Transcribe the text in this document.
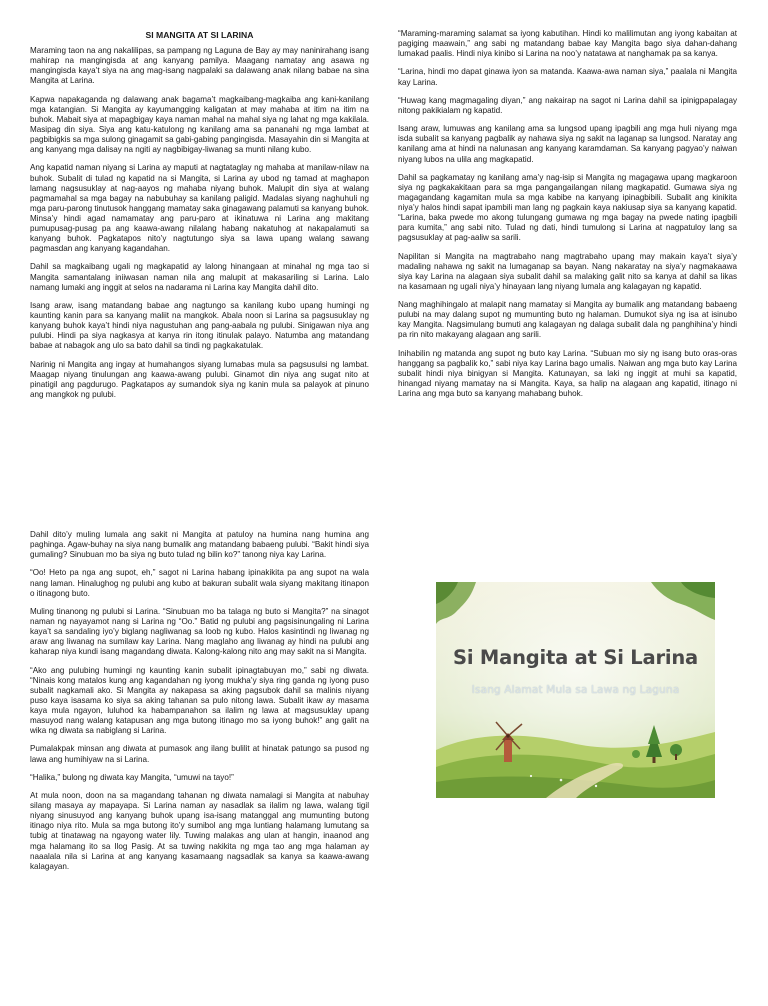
SI MANGITA AT SI LARINA

Maraming taon na ang nakalilipas, sa pampang ng Laguna de Bay ay may naninirahang isang mahirap na mangingisda at ang kanyang pamilya. Maagang namatay ang asawa ng mangingisda kaya’t siya na ang mag-isang nagpalaki sa dalawang anak nilang babae na sina Mangita at Larina.

Kapwa napakaganda ng dalawang anak bagama’t magkaibang-magkaiba ang kani-kanilang mga katangian. Si Mangita ay kayumangging kaligatan at may mahaba at itim na itim na buhok. Mabait siya at mapagbigay kaya naman mahal na mahal siya ng lahat ng mga kakilala. Masipag din siya. Siya ang katu-katulong ng kanilang ama sa pananahi ng mga lambat at pagbibigkis sa mga sulong ginagamit sa gabi-gabing pangingisda. Masayahin din si Mangita at ang kanyang mga dalisay na ngiti ay nagbibigay-liwanag sa munti nilang kubo.

Ang kapatid naman niyang si Larina ay maputi at nagtataglay ng mahaba at manilaw-nilaw na buhok. Subalit di tulad ng kapatid na si Mangita, si Larina ay ubod ng tamad at maghapon lamang nagsusuklay at nag-aayos ng mahaba niyang buhok. Malupit din siya at walang pagmamahal sa mga bagay na nabubuhay sa kanilang paligid. Madalas siyang naghuhuli ng mga paru-parong tinutusok hanggang mamatay saka ginagawang palamuti sa kanyang buhok. Minsa’y hindi agad namamatay ang paru-paro at ikinatuwa ni Larina ang makitang pumupusag-pusag pa ang kaawa-awang nilalang habang nakatuhog at nakapalamuti sa kanyang buhok. Pagkatapos nito’y nagtutungo siya sa lawa upang walang sawang pagmasdan ang kanyang kagandahan.

Dahil sa magkaibang ugali ng magkapatid ay lalong hinangaan at minahal ng mga tao si Mangita samantalang iniiwasan naman nila ang malupit at makasariling si Larina. Lalo namang lumaki ang inggit at selos na nadarama ni Larina kay Mangita dahil dito.

Isang araw, isang matandang babae ang nagtungo sa kanilang kubo upang humingi ng kaunting kanin para sa kanyang maliit na mangkok. Abala noon si Larina sa pagsusuklay ng kanyang buhok kaya’t hindi niya nagustuhan ang pang-aabala ng pulubi. Sinigawan niya ang pulubi. Hindi pa siya nagkasya at kanya rin itong itinulak palayo. Natumba ang matandang babae at nabagok ang ulo sa bato dahil sa tindi ng pagkakatulak.

Narinig ni Mangita ang ingay at humahangos siyang lumabas mula sa pagsusulsi ng lambat. Maagap niyang tinulungan ang kaawa-awang pulubi. Ginamot din niya ang sugat nito at pinatigil ang pagdurugo. Pagkatapos ay sumandok siya ng kanin mula sa palayok at pinuno ang mangkok ng pulubi.

“Maraming-maraming salamat sa iyong kabutihan. Hindi ko malilimutan ang iyong kabaitan at pagiging maawain,” ang sabi ng matandang babae kay Mangita bago siya dahan-dahang lumakad paalis. Hindi niya kinibo si Larina na noo’y natatawa at nanghamak pa sa kanya.

“Larina, hindi mo dapat ginawa iyon sa matanda. Kaawa-awa naman siya,” paalala ni Mangita kay Larina.

“Huwag kang magmagaling diyan,” ang nakairap na sagot ni Larina dahil sa ipinigpapalagay nitong pakikialam ng kapatid.

Isang araw, lumuwas ang kanilang ama sa lungsod upang ipagbili ang mga huli niyang mga isda subalit sa kanyang pagbalik ay nahawa siya ng sakit na laganap sa lungsod. Naratay ang kanilang ama at hindi na nalunasan ang kanyang karamdaman. Sa kanyang pagyao’y naiwan niyang lubos na ulila ang magkapatid.

Dahil sa pagkamatay ng kanilang ama’y nag-isip si Mangita ng magagawa upang magkaroon siya ng pagkakakitaan para sa mga pangangailangan nilang magkapatid. Gumawa siya ng magagandang kagamitan mula sa mga kabibe na kanyang ipinagbibili. Subalit ang kinikita niya’y halos hindi sapat ipambili man lang ng pagkain kaya nakiusap siya sa kanyang kapatid. “Larina, baka pwede mo akong tulungang gumawa ng mga bagay na pwede nating ipagbili para kumita,” ang sabi nito. Tulad ng dati, hindi tumulong si Larina at nagpatuloy lang sa pagsusuklay at pag-aaliw sa sarili.

Napilitan si Mangita na magtrabaho nang magtrabaho upang may makain kaya’t siya’y madaling nahawa ng sakit na lumaganap sa bayan. Nang nakaratay na siya’y nagmakaawa siya kay Larina na alagaan siya subalit dahil sa malaking galit nito sa kanya at dahil sa likas na kasamaan ng ugali niya’y hinayaan lang niyang lumala ang kalagayan ng kapatid.

Nang maghihingalo at malapit nang mamatay si Mangita ay bumalik ang matandang babaeng pulubi na may dalang supot ng mumunting buto ng halaman. Dumukot siya ng isa at isinubo kay Mangita. Nagsimulang bumuti ang kalagayan ng dalaga subalit dala ng panghihina’y hindi pa rin nito makayang alagaan ang sarili.

Inihabilin ng matanda ang supot ng buto kay Larina. “Subuan mo siy ng isang buto oras-oras hanggang sa pagbalik ko,” sabi niya kay Larina bago umalis. Naiwan ang mga buto kay Larina subalit hindi niya binigyan si Mangita. Katunayan, sa laki ng inggit at muhi sa kapatid, hinangad niyang mamatay na si Mangita. Kaya, sa halip na alagaan ang kapatid, itinago ni Larina ang mga buto sa kanyang mahabang buhok.

Dahil dito’y muling lumala ang sakit ni Mangita at patuloy na humina nang humina ang paghinga. Agaw-buhay na siya nang bumalik ang matandang babaeng pulubi. “Bakit hindi siya gumaling? Sinubuan mo ba siya ng buto tulad ng bilin ko?” tanong niya kay Larina.

“Oo! Heto pa nga ang supot, eh,” sagot ni Larina habang ipinakikita pa ang supot na wala nang laman. Hinalughog ng pulubi ang kubo at bakuran subalit wala siyang makitang itinapon o itinagong buto.

Muling tinanong ng pulubi si Larina. “Sinubuan mo ba talaga ng buto si Mangita?” na sinagot naman ng nayayamot nang si Larina ng “Oo.” Batid ng pulubi ang pagsisinungaling ni Larina kaya’t sa sandaling iyo’y biglang nagliwanag sa loob ng kubo. Halos kasintindi ng liwanag ng araw ang liwanag na sumilaw kay Larina. Nang maglaho ang liwanag ay hindi na pulubi ang kaharap niya kundi isang magandang diwata. Kalong-kalong nito ang may sakit na si Mangita.

“Ako ang pulubing humingi ng kaunting kanin subalit ipinagtabuyan mo,” sabi ng diwata. “Ninais kong matalos kung ang kagandahan ng iyong mukha’y siya ring ganda ng iyong puso subalit nagkamali ako. Si Mangita ay nakapasa sa aking pagsubok dahil sa malinis niyang puso kaya isasama ko siya sa aking tahanan sa pulo nitong lawa. Subalit ikaw ay masama kaya mula ngayon, luluhod ka habampanahon sa ilalim ng lawa at magsusuklay upang masuyod nang walang katapusan ang mga butong itinago mo sa iyong buhok!” ang galit na wika ng diwata sa nabiglang si Larina.

Pumalakpak minsan ang diwata at pumasok ang ilang bulilit at hinatak patungo sa pusod ng lawa ang humihiyaw na si Larina.

“Halika,” bulong ng diwata kay Mangita, “umuwi na tayo!”

At mula noon, doon na sa magandang tahanan ng diwata namalagi si Mangita at nabuhay silang masaya ay mapayapa. Si Larina naman ay nasadlak sa ilalim ng lawa, walang tigil niyang sinusuyod ang kanyang buhok upang isa-isang matanggal ang mumunting butong itinago niya rito. Mula sa mga butong ito’y sumibol ang mga luntiang halamang lumutang sa tubig at tinatawag na ngayong water lily. Tuwing malakas ang ulan at hangin, inaanod ang mga halamang ito sa Ilog Pasig. At sa tuwing nakikita ng mga tao ang mga halaman ay naaalala nila si Larina at ang kanyang kasamaang nagsadlak sa kanya sa kaawa-awang kalagayan.

Si Mangita at Si Larina
Isang Alamat Mula sa Lawa ng Laguna
